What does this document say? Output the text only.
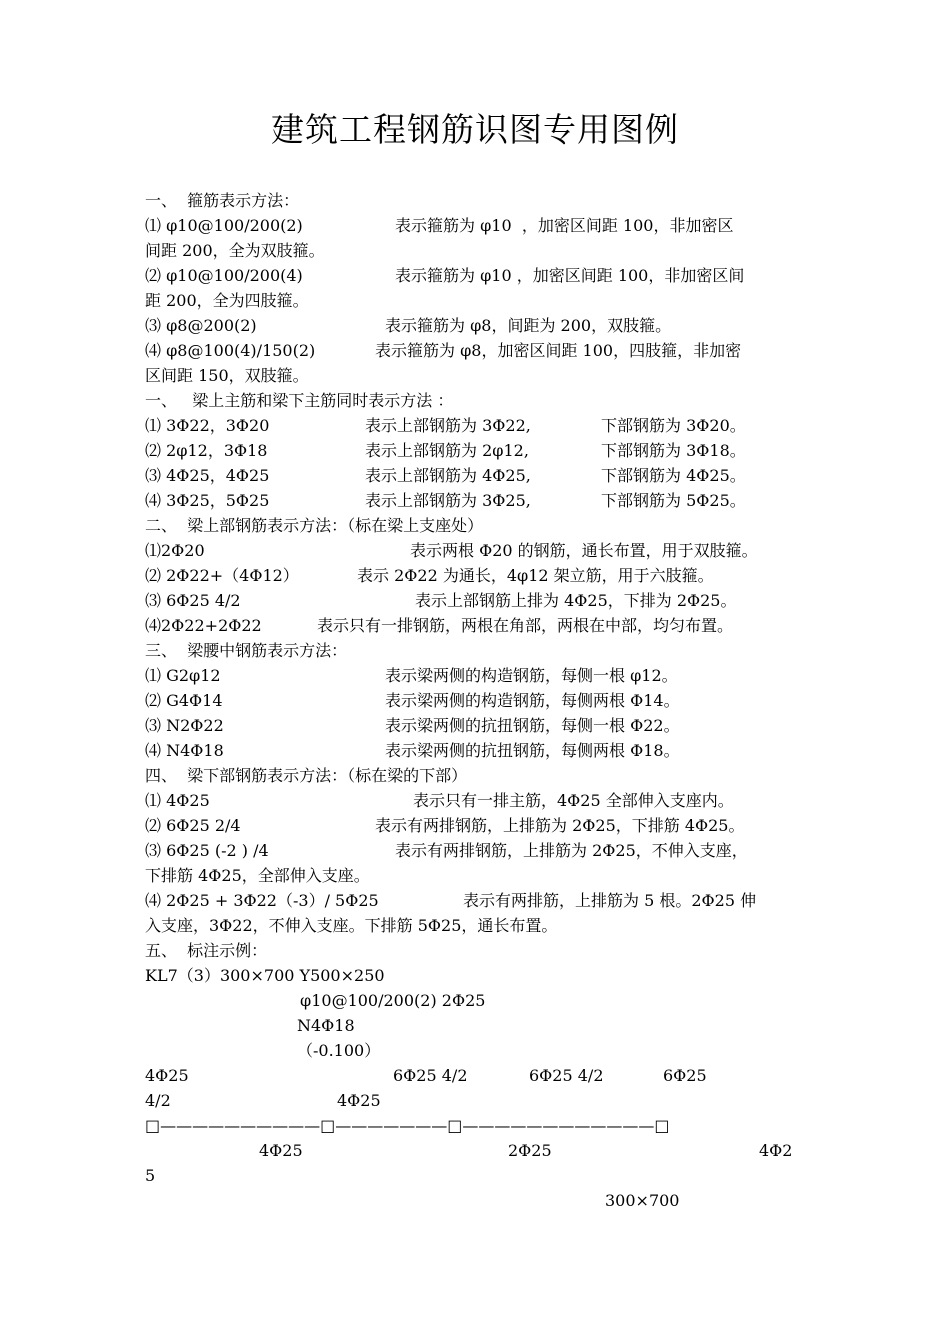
建筑工程钢筋识图专用图例
一、  箍筋表示方法：
⑴ φ10@100/200(2)	表示箍筋为 φ10  ，加密区间距 100，非加密区
间距 200，全为双肢箍。
⑵ φ10@100/200(4)	表示箍筋为 φ10 ，加密区间距 100，非加密区间
距 200，全为四肢箍。
⑶ φ8@200(2)	表示箍筋为 φ8，间距为 200，双肢箍。
⑷ φ8@100(4)/150(2)	表示箍筋为 φ8，加密区间距 100，四肢箍，非加密
区间距 150，双肢箍。
一、   梁上主筋和梁下主筋同时表示方法 ：
⑴ 3Φ22，3Φ20	表示上部钢筋为 3Φ22,	下部钢筋为 3Φ20。
⑵ 2φ12，3Φ18	表示上部钢筋为 2φ12,	下部钢筋为 3Φ18。
⑶ 4Φ25，4Φ25	表示上部钢筋为 4Φ25,	下部钢筋为 4Φ25。
⑷ 3Φ25，5Φ25	表示上部钢筋为 3Φ25,	下部钢筋为 5Φ25。
二、  梁上部钢筋表示方法：（标在梁上支座处）
⑴2Φ20	表示两根 Φ20 的钢筋，通长布置，用于双肢箍。
⑵ 2Φ22+（4Φ12）	表示 2Φ22 为通长，4φ12 架立筋，用于六肢箍。
⑶ 6Φ25 4/2	表示上部钢筋上排为 4Φ25，下排为 2Φ25。
⑷2Φ22+2Φ22	表示只有一排钢筋，两根在角部，两根在中部，均匀布置。
三、  梁腰中钢筋表示方法：
⑴ G2φ12	表示梁两侧的构造钢筋，每侧一根 φ12。
⑵ G4Φ14	表示梁两侧的构造钢筋，每侧两根 Φ14。
⑶ N2Φ22	表示梁两侧的抗扭钢筋，每侧一根 Φ22。
⑷ N4Φ18	表示梁两侧的抗扭钢筋，每侧两根 Φ18。
四、  梁下部钢筋表示方法：（标在梁的下部）
⑴ 4Φ25	表示只有一排主筋，4Φ25 全部伸入支座内。
⑵ 6Φ25 2/4	表示有两排钢筋，上排筋为 2Φ25，下排筋 4Φ25。
⑶ 6Φ25 (-2 ) /4	表示有两排钢筋，上排筋为 2Φ25，不伸入支座，
下排筋 4Φ25，全部伸入支座。
⑷ 2Φ25 + 3Φ22（-3）/ 5Φ25	表示有两排筋，上排筋为 5 根。2Φ25 伸
入支座，3Φ22，不伸入支座。下排筋 5Φ25，通长布置。
五、  标注示例：
KL7（3）300×700 Y500×250
φ10@100/200(2) 2Φ25
N4Φ18
（-0.100）
4Φ25	6Φ25 4/2	6Φ25 4/2	6Φ25
4/2	4Φ25
□——————————□———————□————————————□
4Φ25	2Φ25	4Φ2
5
300×700
